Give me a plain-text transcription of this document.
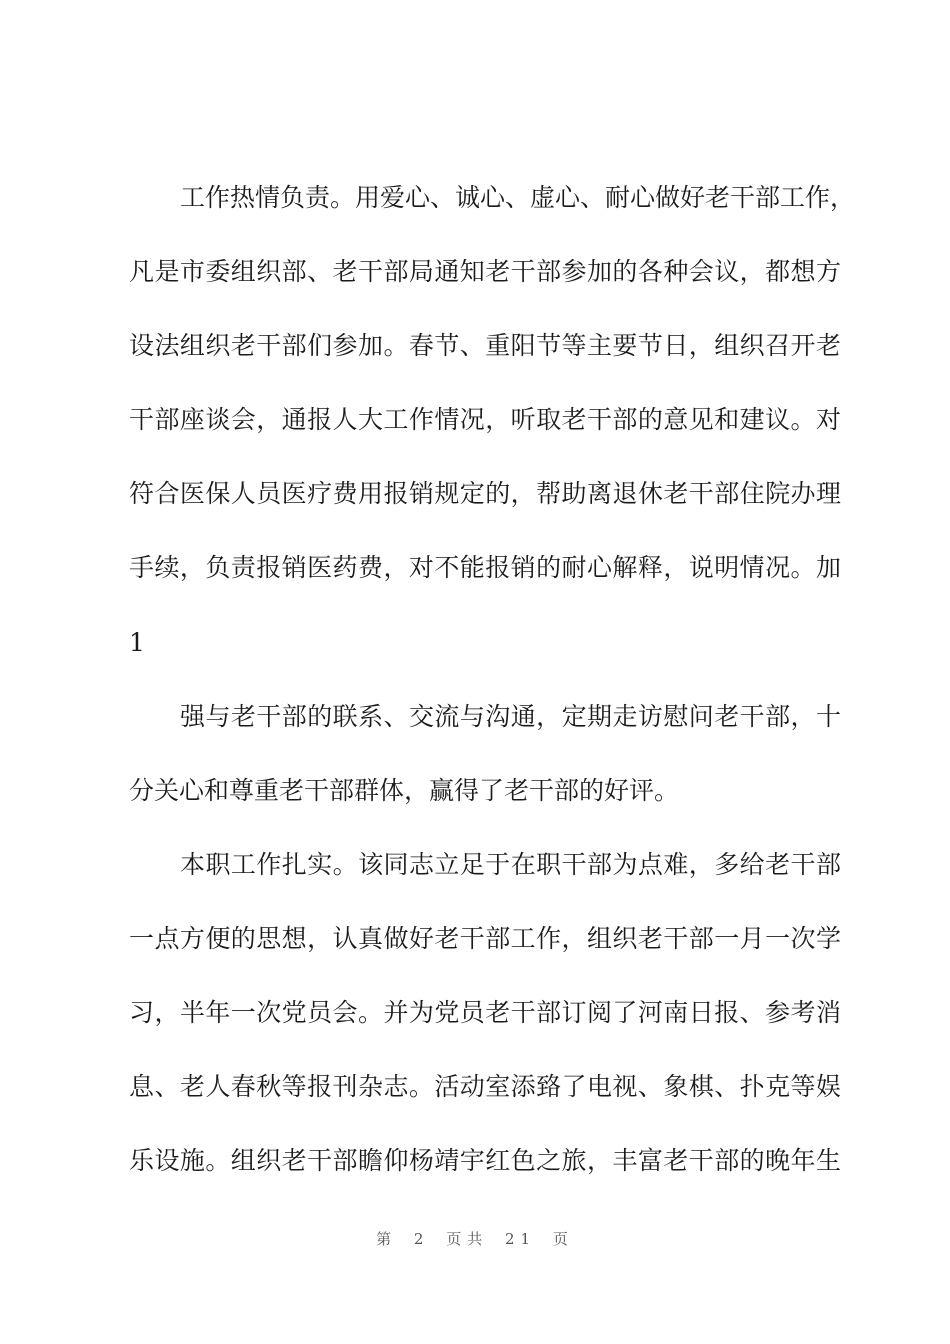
工作热情负责。用爱心、诚心、虚心、耐心做好老干部工作，
凡是市委组织部、老干部局通知老干部参加的各种会议，都想方
设法组织老干部们参加。春节、重阳节等主要节日，组织召开老
干部座谈会，通报人大工作情况，听取老干部的意见和建议。对
符合医保人员医疗费用报销规定的，帮助离退休老干部住院办理
手续，负责报销医药费，对不能报销的耐心解释，说明情况。加
1
强与老干部的联系、交流与沟通，定期走访慰问老干部，十
分关心和尊重老干部群体，赢得了老干部的好评。
本职工作扎实。该同志立足于在职干部为点难，多给老干部
一点方便的思想，认真做好老干部工作，组织老干部一月一次学
习，半年一次党员会。并为党员老干部订阅了河南日报、参考消
息、老人春秋等报刊杂志。活动室添臵了电视、象棋、扑克等娱
乐设施。组织老干部瞻仰杨靖宇红色之旅，丰富老干部的晚年生
第 2 页共 21 页
